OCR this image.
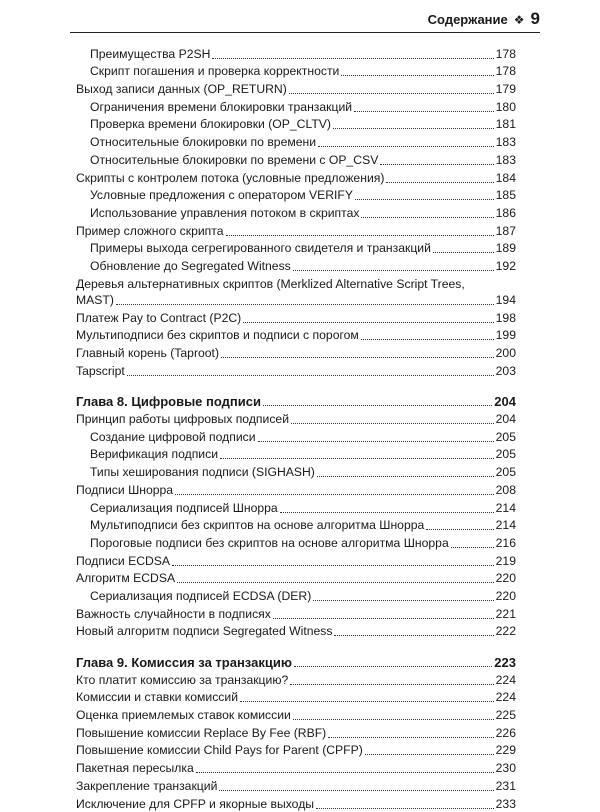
Содержание ❖ 9
Преимущества P2SH	178
Скрипт погашения и проверка корректности	178
Выход записи данных (OP_RETURN)	179
Ограничения времени блокировки транзакций	180
Проверка времени блокировки (OP_CLTV)	181
Относительные блокировки по времени	183
Относительные блокировки по времени с OP_CSV	183
Скрипты с контролем потока (условные предложения)	184
Условные предложения с оператором VERIFY	185
Использование управления потоком в скриптах	186
Пример сложного скрипта	187
Примеры выхода сегрегированного свидетеля и транзакций	189
Обновление до Segregated Witness	192
Деревья альтернативных скриптов (Merklized Alternative Script Trees,
MAST)	194
Платеж Pay to Contract (P2C)	198
Мультиподписи без скриптов и подписи с порогом	199
Главный корень (Taproot)	200
Tapscript	203
Глава 8. Цифровые подписи	204
Принцип работы цифровых подписей	204
Создание цифровой подписи	205
Верификация подписи	205
Типы хеширования подписи (SIGHASH)	205
Подписи Шнорра	208
Сериализация подписей Шнорра	214
Мультиподписи без скриптов на основе алгоритма Шнорра	214
Пороговые подписи без скриптов на основе алгоритма Шнорра	216
Подписи ECDSA	219
Алгоритм ECDSA	220
Сериализация подписей ECDSA (DER)	220
Важность случайности в подписях	221
Новый алгоритм подписи Segregated Witness	222
Глава 9. Комиссия за транзакцию	223
Кто платит комиссию за транзакцию?	224
Комиссии и ставки комиссий	224
Оценка приемлемых ставок комиссии	225
Повышение комиссии Replace By Fee (RBF)	226
Повышение комиссии Child Pays for Parent (CPFP)	229
Пакетная пересылка	230
Закрепление транзакций	231
Исключение для CPFP и якорные выходы	233
